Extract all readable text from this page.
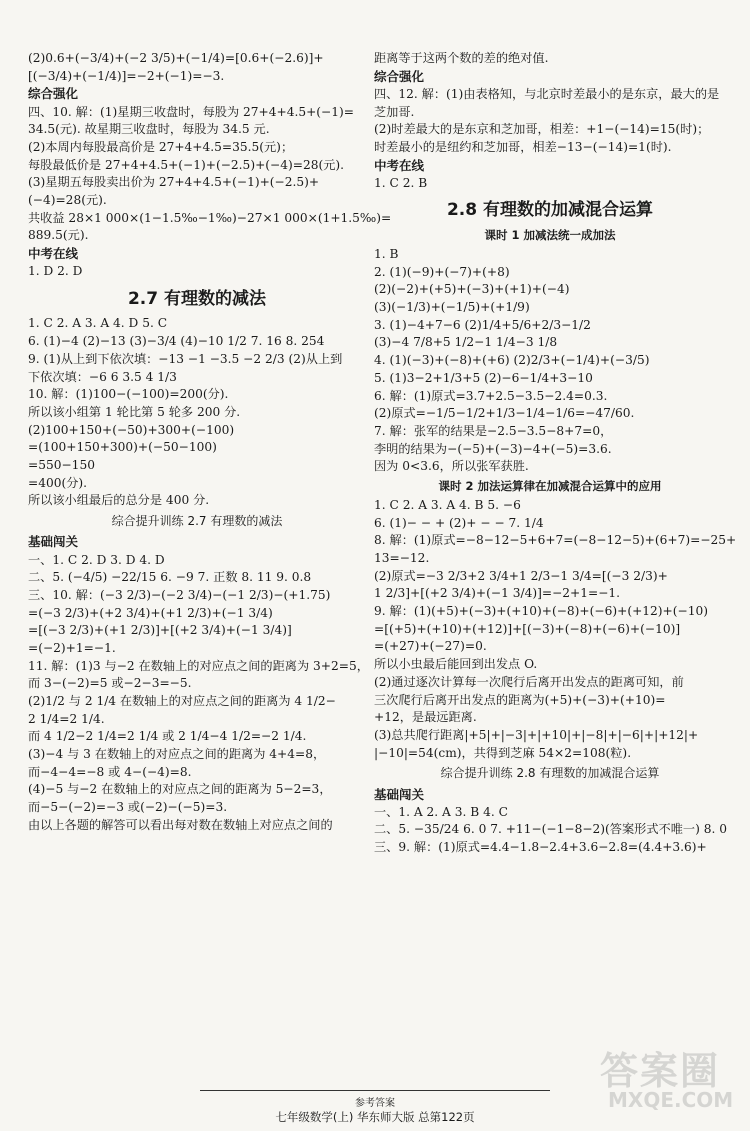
(2)0.6+(−3/4)+(−2 3/5)+(−1/4)=[0.6+(−2.6)]+
[(−3/4)+(−1/4)]=−2+(−1)=−3.
综合强化
四、10. 解：(1)星期三收盘时，每股为 27+4+4.5+(−1)=
34.5(元). 故星期三收盘时，每股为 34.5 元.
(2)本周内每股最高价是 27+4+4.5=35.5(元)；
每股最低价是 27+4+4.5+(−1)+(−2.5)+(−4)=28(元).
(3)星期五每股卖出价为 27+4+4.5+(−1)+(−2.5)+
(−4)=28(元).
共收益 28×1 000×(1−1.5‰−1‰)−27×1 000×(1+1.5‰)=
889.5(元).
中考在线
1. D 2. D
2.7 有理数的减法
1. C 2. A 3. A 4. D 5. C
6. (1)−4 (2)−13 (3)−3/4 (4)−10 1/2 7. 16 8. 254
9. (1)从上到下依次填：−13 −1 −3.5 −2 2/3 (2)从上到
下依次填：−6 6 3.5 4 1/3
10. 解：(1)100−(−100)=200(分).
所以该小组第 1 轮比第 5 轮多 200 分.
(2)100+150+(−50)+300+(−100)
=(100+150+300)+(−50−100)
=550−150
=400(分).
所以该小组最后的总分是 400 分.
综合提升训练 2.7 有理数的减法
基础闯关
一、1. C 2. D 3. D 4. D
二、5. (−4/5) −22/15 6. −9 7. 正数 8. 11 9. 0.8
三、10. 解：(−3 2/3)−(−2 3/4)−(−1 2/3)−(+1.75)
=(−3 2/3)+(+2 3/4)+(+1 2/3)+(−1 3/4)
=[(−3 2/3)+(+1 2/3)]+[(+2 3/4)+(−1 3/4)]
=(−2)+1=−1.
11. 解：(1)3 与−2 在数轴上的对应点之间的距离为 3+2=5，
而 3−(−2)=5 或−2−3=−5.
(2)1/2 与 2 1/4 在数轴上的对应点之间的距离为 4 1/2−
2 1/4=2 1/4.
而 4 1/2−2 1/4=2 1/4 或 2 1/4−4 1/2=−2 1/4.
(3)−4 与 3 在数轴上的对应点之间的距离为 4+4=8，
而−4−4=−8 或 4−(−4)=8.
(4)−5 与−2 在数轴上的对应点之间的距离为 5−2=3，
而−5−(−2)=−3 或(−2)−(−5)=3.
由以上各题的解答可以看出每对数在数轴上对应点之间的
距离等于这两个数的差的绝对值.
综合强化
四、12. 解：(1)由表格知，与北京时差最小的是东京，最大的是
芝加哥.
(2)时差最大的是东京和芝加哥，相差：+1−(−14)=15(时)；
时差最小的是纽约和芝加哥，相差−13−(−14)=1(时).
中考在线
1. C 2. B
2.8 有理数的加减混合运算
课时 1 加减法统一成加法
1. B
2. (1)(−9)+(−7)+(+8)
(2)(−2)+(+5)+(−3)+(+1)+(−4)
(3)(−1/3)+(−1/5)+(+1/9)
3. (1)−4+7−6 (2)1/4+5/6+2/3−1/2
(3)−4 7/8+5 1/2−1 1/4−3 1/8
4. (1)(−3)+(−8)+(+6) (2)2/3+(−1/4)+(−3/5)
5. (1)3−2+1/3+5 (2)−6−1/4+3−10
6. 解：(1)原式=3.7+2.5−3.5−2.4=0.3.
(2)原式=−1/5−1/2+1/3−1/4−1/6=−47/60.
7. 解：张军的结果是−2.5−3.5−8+7=0，
李明的结果为−(−5)+(−3)−4+(−5)=3.6.
因为 0<3.6，所以张军获胜.
课时 2 加法运算律在加减混合运算中的应用
1. C 2. A 3. A 4. B 5. −6
6. (1)− − + (2)+ − − 7. 1/4
8. 解：(1)原式=−8−12−5+6+7=(−8−12−5)+(6+7)=−25+
13=−12.
(2)原式=−3 2/3+2 3/4+1 2/3−1 3/4=[(−3 2/3)+
1 2/3]+[(+2 3/4)+(−1 3/4)]=−2+1=−1.
9. 解：(1)(+5)+(−3)+(+10)+(−8)+(−6)+(+12)+(−10)
=[(+5)+(+10)+(+12)]+[(−3)+(−8)+(−6)+(−10)]
=(+27)+(−27)=0.
所以小虫最后能回到出发点 O.
(2)通过逐次计算每一次爬行后离开出发点的距离可知，前
三次爬行后离开出发点的距离为(+5)+(−3)+(+10)=
+12，是最远距离.
(3)总共爬行距离|+5|+|−3|+|+10|+|−8|+|−6|+|+12|+
|−10|=54(cm)，共得到芝麻 54×2=108(粒).
综合提升训练 2.8 有理数的加减混合运算
基础闯关
一、1. A 2. A 3. B 4. C
二、5. −35/24 6. 0 7. +11−(−1−8−2)(答案形式不唯一) 8. 0
三、9. 解：(1)原式=4.4−1.8−2.4+3.6−2.8=(4.4+3.6)+
参考答案
七年级数学(上) 华东师大版 总第122页
答案圈
MXQE.COM
